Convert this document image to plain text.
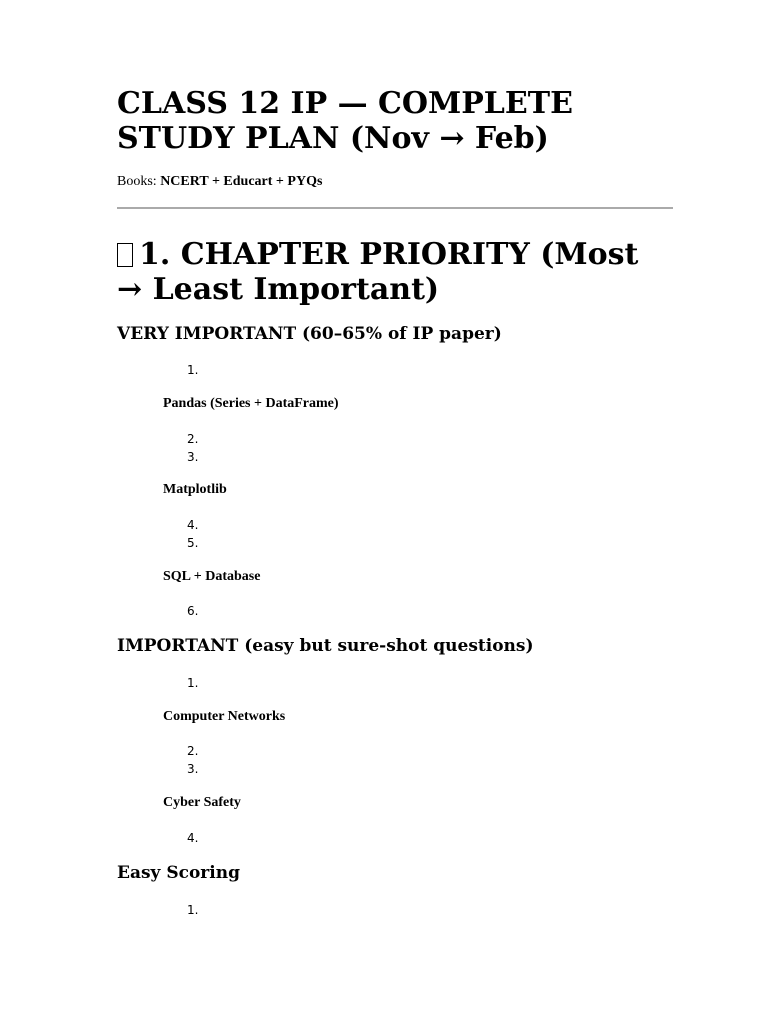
CLASS 12 IP — COMPLETE STUDY PLAN (Nov → Feb)
Books: NCERT + Educart + PYQs
1. CHAPTER PRIORITY (Most → Least Important)
VERY IMPORTANT (60–65% of IP paper)
1.
Pandas (Series + DataFrame)
2.
3.
Matplotlib
4.
5.
SQL + Database
6.
IMPORTANT (easy but sure-shot questions)
1.
Computer Networks
2.
3.
Cyber Safety
4.
Easy Scoring
1.
